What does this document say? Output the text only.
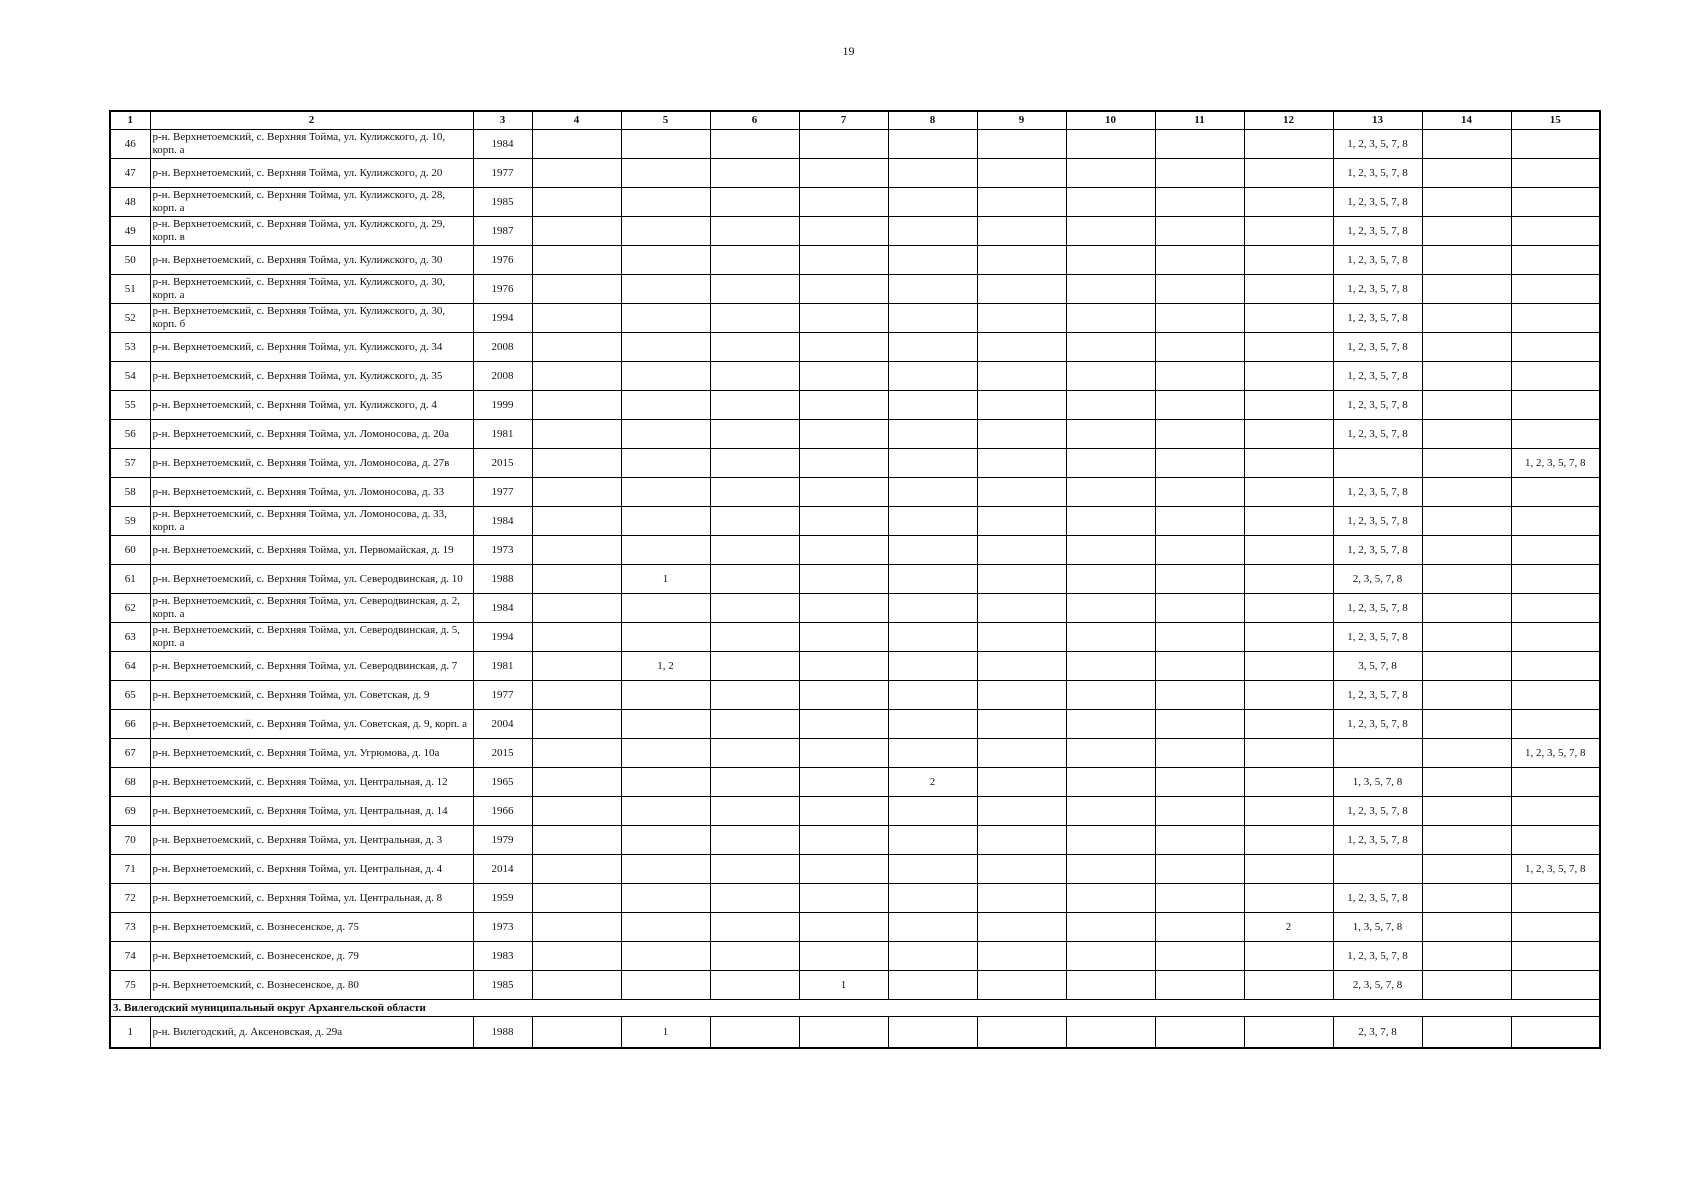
19
1	2	3	4	5	6	7	8	9	10	11	12	13	14	15
46	р-н. Верхнетоемский, с. Верхняя Тойма, ул. Кулижского, д. 10, корп. а	1984										1, 2, 3, 5, 7, 8		
47	р-н. Верхнетоемский, с. Верхняя Тойма, ул. Кулижского, д. 20	1977										1, 2, 3, 5, 7, 8		
48	р-н. Верхнетоемский, с. Верхняя Тойма, ул. Кулижского, д. 28, корп. а	1985										1, 2, 3, 5, 7, 8		
49	р-н. Верхнетоемский, с. Верхняя Тойма, ул. Кулижского, д. 29, корп. в	1987										1, 2, 3, 5, 7, 8		
50	р-н. Верхнетоемский, с. Верхняя Тойма, ул. Кулижского, д. 30	1976										1, 2, 3, 5, 7, 8		
51	р-н. Верхнетоемский, с. Верхняя Тойма, ул. Кулижского, д. 30, корп. а	1976										1, 2, 3, 5, 7, 8		
52	р-н. Верхнетоемский, с. Верхняя Тойма, ул. Кулижского, д. 30, корп. б	1994										1, 2, 3, 5, 7, 8		
53	р-н. Верхнетоемский, с. Верхняя Тойма, ул. Кулижского, д. 34	2008										1, 2, 3, 5, 7, 8		
54	р-н. Верхнетоемский, с. Верхняя Тойма, ул. Кулижского, д. 35	2008										1, 2, 3, 5, 7, 8		
55	р-н. Верхнетоемский, с. Верхняя Тойма, ул. Кулижского, д. 4	1999										1, 2, 3, 5, 7, 8		
56	р-н. Верхнетоемский, с. Верхняя Тойма, ул. Ломоносова, д. 20а	1981										1, 2, 3, 5, 7, 8		
57	р-н. Верхнетоемский, с. Верхняя Тойма, ул. Ломоносова, д. 27в	2015												1, 2, 3, 5, 7, 8
58	р-н. Верхнетоемский, с. Верхняя Тойма, ул. Ломоносова, д. 33	1977										1, 2, 3, 5, 7, 8		
59	р-н. Верхнетоемский, с. Верхняя Тойма, ул. Ломоносова, д. 33, корп. а	1984										1, 2, 3, 5, 7, 8		
60	р-н. Верхнетоемский, с. Верхняя Тойма, ул. Первомайская, д. 19	1973										1, 2, 3, 5, 7, 8		
61	р-н. Верхнетоемский, с. Верхняя Тойма, ул. Северодвинская, д. 10	1988		1								2, 3, 5, 7, 8		
62	р-н. Верхнетоемский, с. Верхняя Тойма, ул. Северодвинская, д. 2, корп. а	1984										1, 2, 3, 5, 7, 8		
63	р-н. Верхнетоемский, с. Верхняя Тойма, ул. Северодвинская, д. 5, корп. а	1994										1, 2, 3, 5, 7, 8		
64	р-н. Верхнетоемский, с. Верхняя Тойма, ул. Северодвинская, д. 7	1981		1, 2								3, 5, 7, 8		
65	р-н. Верхнетоемский, с. Верхняя Тойма, ул. Советская, д. 9	1977										1, 2, 3, 5, 7, 8		
66	р-н. Верхнетоемский, с. Верхняя Тойма, ул. Советская, д. 9, корп. а	2004										1, 2, 3, 5, 7, 8		
67	р-н. Верхнетоемский, с. Верхняя Тойма, ул. Угрюмова, д. 10а	2015												1, 2, 3, 5, 7, 8
68	р-н. Верхнетоемский, с. Верхняя Тойма, ул. Центральная, д. 12	1965					2					1, 3, 5, 7, 8		
69	р-н. Верхнетоемский, с. Верхняя Тойма, ул. Центральная, д. 14	1966										1, 2, 3, 5, 7, 8		
70	р-н. Верхнетоемский, с. Верхняя Тойма, ул. Центральная, д. 3	1979										1, 2, 3, 5, 7, 8		
71	р-н. Верхнетоемский, с. Верхняя Тойма, ул. Центральная, д. 4	2014												1, 2, 3, 5, 7, 8
72	р-н. Верхнетоемский, с. Верхняя Тойма, ул. Центральная, д. 8	1959										1, 2, 3, 5, 7, 8		
73	р-н. Верхнетоемский, с. Вознесенское, д. 75	1973									2	1, 3, 5, 7, 8		
74	р-н. Верхнетоемский, с. Вознесенское, д. 79	1983										1, 2, 3, 5, 7, 8		
75	р-н. Верхнетоемский, с. Вознесенское, д. 80	1985				1						2, 3, 5, 7, 8		
3. Вилегодский муниципальный округ Архангельской области														
1	р-н. Вилегодский, д. Аксеновская, д. 29а	1988		1								2, 3, 7, 8		
